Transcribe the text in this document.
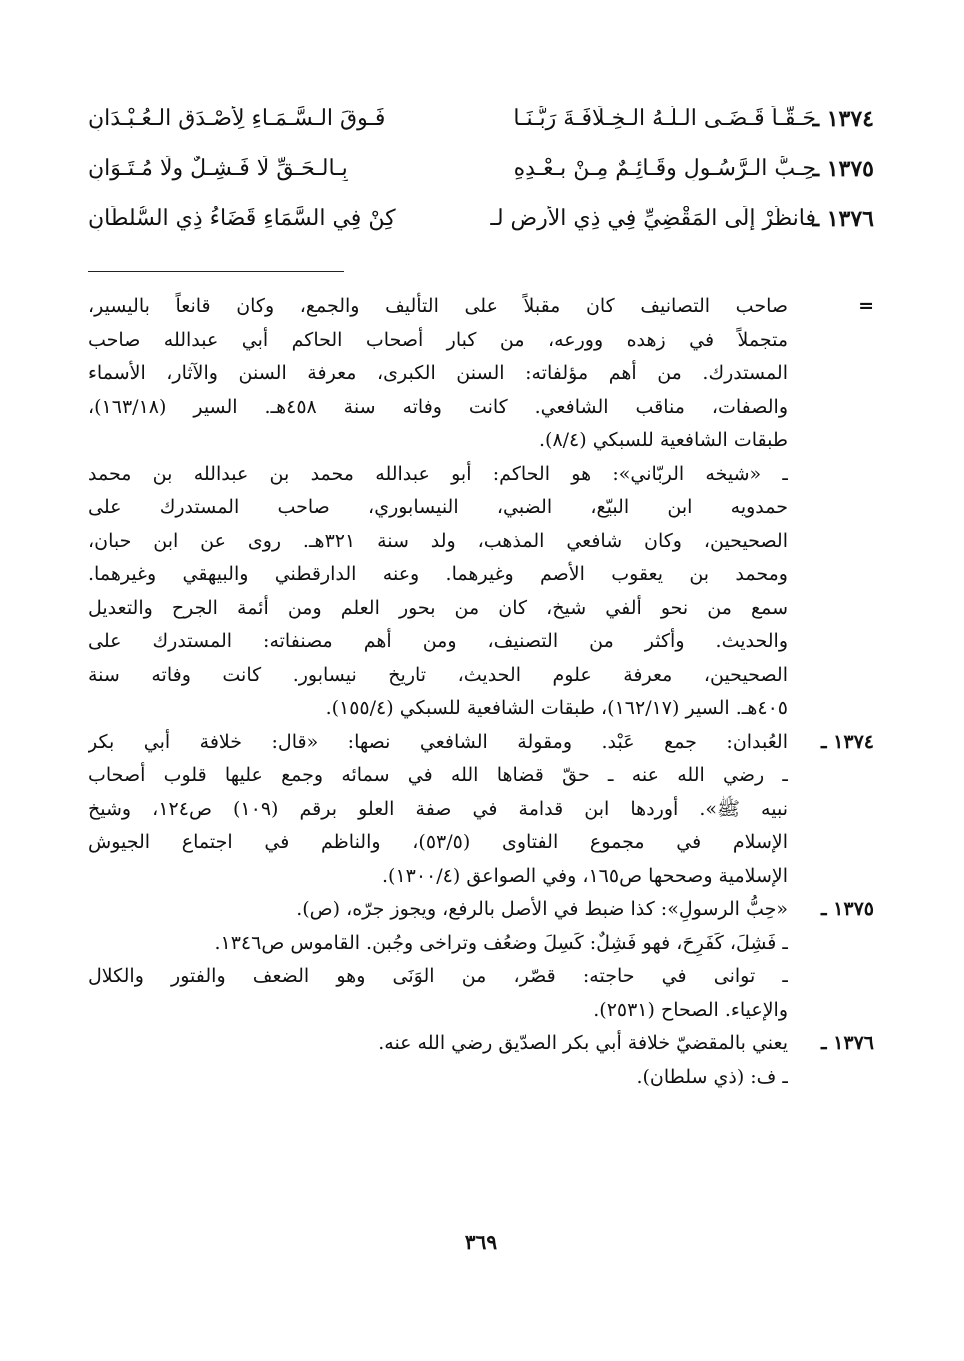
١٣٧٤ ـ
حَـقّـاً قَـضَـى الـلَّـهُ الـخِـلَافَـةَ رَبُّـنَـا
فَـوقَ الـسَّـمَـاءِ لِأَصْـدَقِ الـعُـبْـدَانِ
١٣٧٥ ـ
حِـبُّ الـرَّسُـولِ وقَـائِـمٌ مِـنْ بـعْـدِهِ
بِـالـحَـقِّ لَا فَـشِـلٌ ولَا مُـتَـوَانِ
١٣٧٦ ـ
فانظُرْ إِلَى المَقْضِيِّ فِي ذِي الأرضِ لـ
كِنْ فِي السَّمَاءِ قَضَاءُ ذِي السُّلطَانِ
=
صاحب التصانيف كان مقبلاً على التأليف والجمع، وكان قانعاً باليسير،
متجملاً في زهده وورعه، من كبار أصحاب الحاكم أبي عبدالله صاحب
المستدرك. من أهم مؤلفاته: السنن الكبرى، معرفة السنن والآثار، الأسماء
والصفات، مناقب الشافعي. كانت وفاته سنة ٤٥٨هـ. السير (١٦٣/١٨)،
طبقات الشافعية للسبكي (٨/٤).
ـ «شيخه الربّاني»: هو الحاكم: أبو عبدالله محمد بن عبدالله بن محمد
حمدويه ابن البيّع، الضبي، النيسابوري، صاحب المستدرك على
الصحيحين، وكان شافعي المذهب، ولد سنة ٣٢١هـ. روى عن ابن حبان،
ومحمد بن يعقوب الأصم وغيرهما. وعنه الدارقطني والبيهقي وغيرهما.
سمع من نحو ألفي شيخ، كان من بحور العلم ومن أئمة الجرح والتعديل
والحديث. وأكثر من التصنيف، ومن أهم مصنفاته: المستدرك على
الصحيحين، معرفة علوم الحديث، تاريخ نيسابور. كانت وفاته سنة
٤٠٥هـ. السير (١٦٢/١٧)، طبقات الشافعية للسبكي (١٥٥/٤).
١٣٧٤ ـ
العُبدان: جمع عَبْد. ومقولة الشافعي نصها: «قال: خلافة أبي بكر
ـ رضي الله عنه ـ حقّ قضاها الله في سمائه وجمع عليها قلوب أصحاب
نبيه ﷺ». أوردها ابن قدامة في صفة العلو برقم (١٠٩) ص١٢٤، وشيخ
الإسلام في مجموع الفتاوى (٥٣/٥)، والناظم في اجتماع الجيوش
الإسلامية وصححها ص١٦٥، وفي الصواعق (١٣٠٠/٤).
١٣٧٥ ـ
«حِبُّ الرسولِ»: كذا ضبط في الأصل بالرفع، ويجوز جرّه، (ص).
ـ فَشِلَ، كَفَرِحَ، فهو فَشِلٌ: كَسِلَ وضعُف وتراخى وجُبن. القاموس ص١٣٤٦.
ـ توانى في حاجته: قصّر، من الوَنَى وهو الضعف والفتور والكلال
والإعياء. الصحاح (٢٥٣١).
١٣٧٦ ـ
يعني بالمقضيّ خلافة أبي بكر الصدّيق رضي الله عنه.
ـ ف: (ذي سلطان).
٣٦٩
